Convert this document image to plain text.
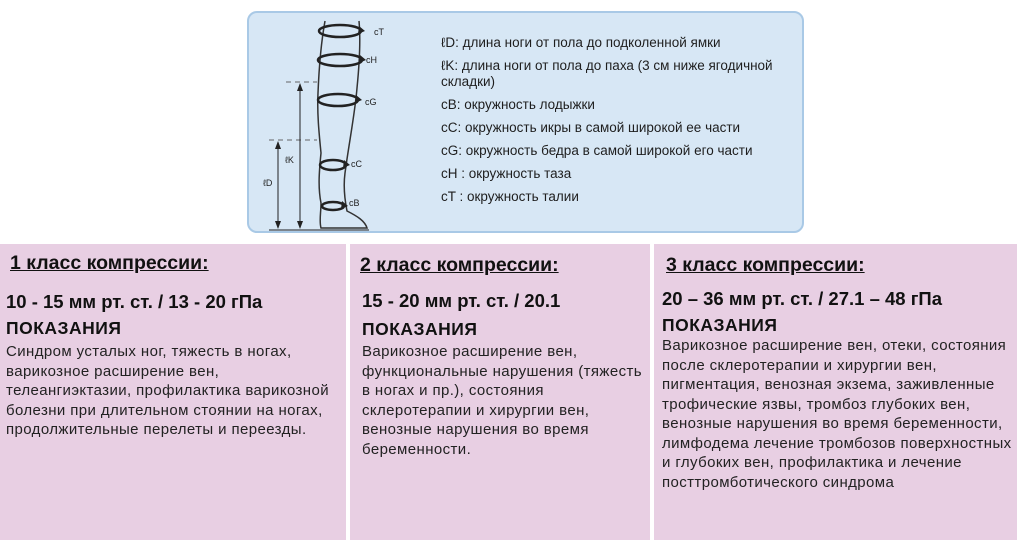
cT
cH
cG
cC
cB
ℓK
ℓD
ℓD: длина ноги от пола до подколенной ямки
ℓK: длина ноги от пола до паха (3 см ниже ягодичной складки)
cB: окружность лодыжки
cC: окружность икры в самой широкой ее части
cG: окружность бедра в самой широкой его части
cH : окружность таза
cT : окружность талии
1 класс компрессии:
10 - 15 мм рт. ст. / 13 - 20 гПа
ПОКАЗАНИЯ
Синдром усталых ног, тяжесть в ногах, варикозное расширение вен, телеангиэктазии, профилактика варикозной болезни при длительном стоянии на ногах, продолжительные перелеты и переезды.
2 класс компрессии:
15 - 20 мм рт. ст. / 20.1
ПОКАЗАНИЯ
Варикозное расширение вен, функциональные нарушения (тяжесть в ногах и пр.), состояния склеротерапии и хирургии вен, венозные нарушения во время беременности.
3 класс компрессии:
20 – 36 мм рт. ст. / 27.1 – 48 гПа
ПОКАЗАНИЯ
Варикозное расширение вен, отеки, состояния после склеротерапии и хирургии вен, пигментация, венозная экзема, заживленные трофические язвы, тромбоз глубоких вен, венозные нарушения во время беременности, лимфодема лечение тромбозов поверхностных и глубоких вен, профилактика и лечение посттромботического синдрома
